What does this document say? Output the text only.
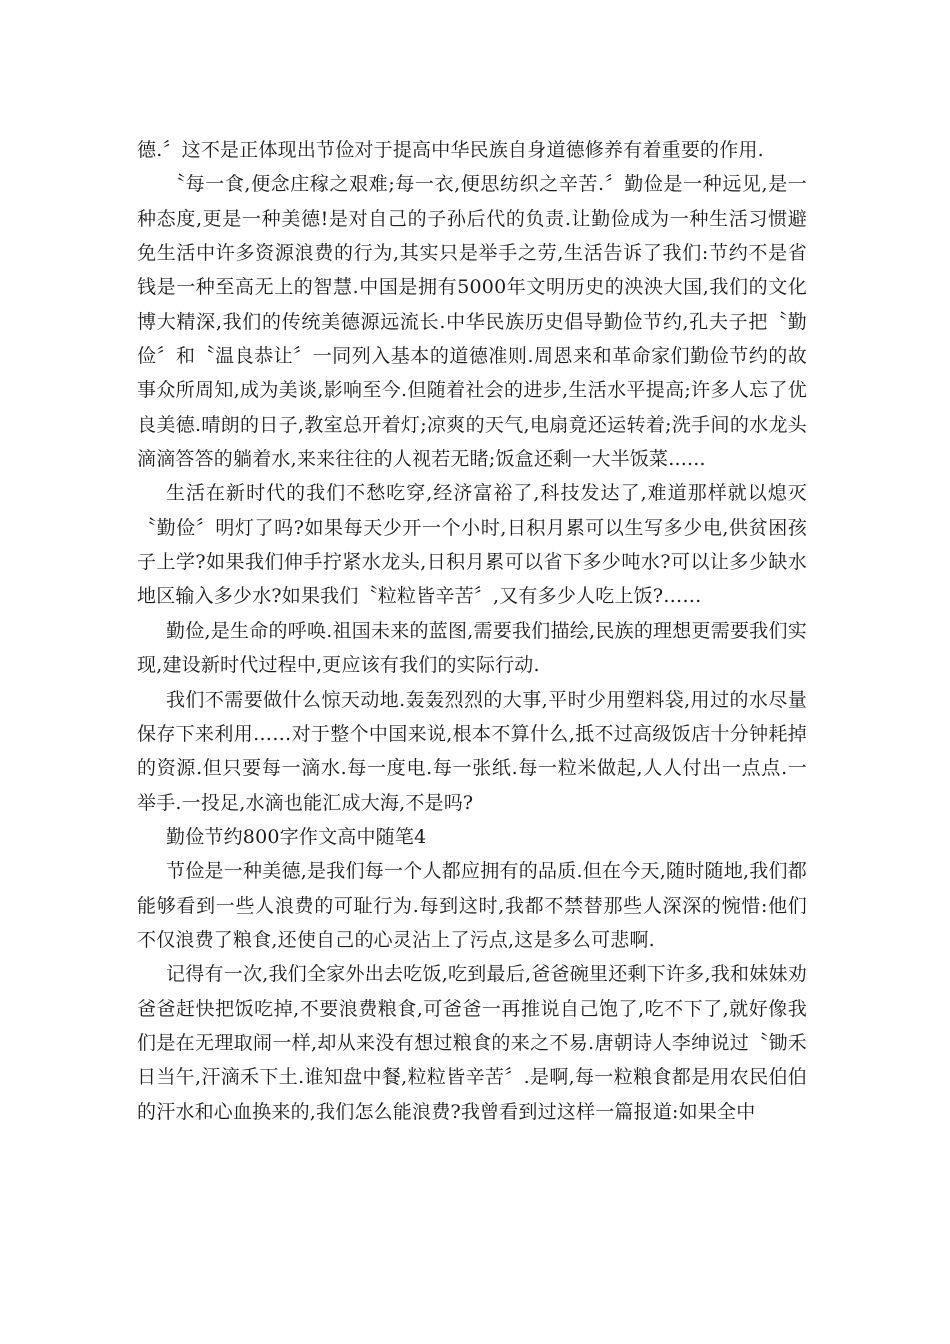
德.〞这不是正体现出节俭对于提高中华民族自身道德修养有着重要的作用.

〝每一食,便念庄稼之艰难;每一衣,便思纺织之辛苦.〞勤俭是一种远见,是一种态度,更是一种美德!是对自己的子孙后代的负责.让勤俭成为一种生活习惯避免生活中许多资源浪费的行为,其实只是举手之劳,生活告诉了我们:节约不是省钱是一种至高无上的智慧.中国是拥有5000年文明历史的泱泱大国,我们的文化博大精深,我们的传统美德源远流长.中华民族历史倡导勤俭节约,孔夫子把〝勤俭〞和〝温良恭让〞一同列入基本的道德准则.周恩来和革命家们勤俭节约的故事众所周知,成为美谈,影响至今.但随着社会的进步,生活水平提高;许多人忘了优良美德.晴朗的日子,教室总开着灯;凉爽的天气,电扇竟还运转着;洗手间的水龙头滴滴答答的躺着水,来来往往的人视若无睹;饭盒还剩一大半饭菜......

生活在新时代的我们不愁吃穿,经济富裕了,科技发达了,难道那样就以熄灭〝勤俭〞明灯了吗?如果每天少开一个小时,日积月累可以生写多少电,供贫困孩子上学?如果我们伸手拧紧水龙头,日积月累可以省下多少吨水?可以让多少缺水地区输入多少水?如果我们〝粒粒皆辛苦〞,又有多少人吃上饭?……

勤俭,是生命的呼唤.祖国未来的蓝图,需要我们描绘,民族的理想更需要我们实现,建设新时代过程中,更应该有我们的实际行动.

我们不需要做什么惊天动地.轰轰烈烈的大事,平时少用塑料袋,用过的水尽量保存下来利用……对于整个中国来说,根本不算什么,抵不过高级饭店十分钟耗掉的资源.但只要每一滴水.每一度电.每一张纸.每一粒米做起,人人付出一点点.一举手.一投足,水滴也能汇成大海,不是吗?

勤俭节约800字作文高中随笔4

节俭是一种美德,是我们每一个人都应拥有的品质.但在今天,随时随地,我们都能够看到一些人浪费的可耻行为.每到这时,我都不禁替那些人深深的惋惜:他们不仅浪费了粮食,还使自己的心灵沾上了污点,这是多么可悲啊.

记得有一次,我们全家外出去吃饭,吃到最后,爸爸碗里还剩下许多,我和妹妹劝爸爸赶快把饭吃掉,不要浪费粮食,可爸爸一再推说自己饱了,吃不下了,就好像我们是在无理取闹一样,却从来没有想过粮食的来之不易.唐朝诗人李绅说过〝锄禾日当午,汗滴禾下土.谁知盘中餐,粒粒皆辛苦〞.是啊,每一粒粮食都是用农民伯伯的汗水和心血换来的,我们怎么能浪费?我曾看到过这样一篇报道:如果全中
